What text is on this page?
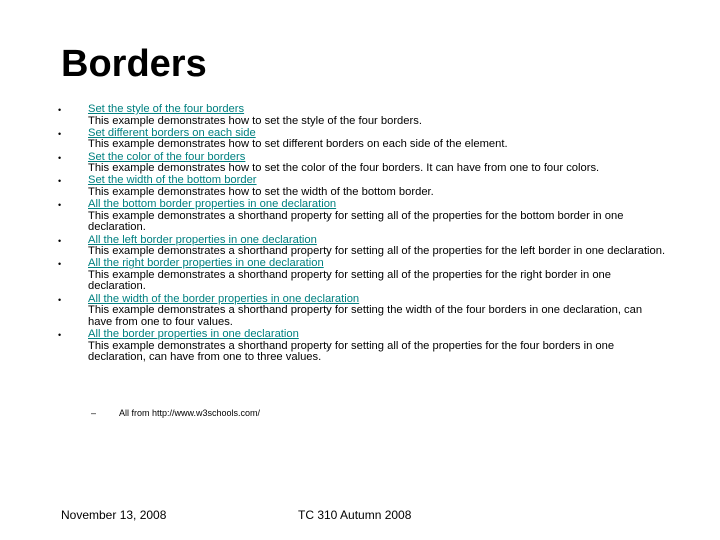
Borders
• Set the style of the four borders
This example demonstrates how to set the style of the four borders.
• Set different borders on each side
This example demonstrates how to set different borders on each side of the element.
• Set the color of the four borders
This example demonstrates how to set the color of the four borders. It can have from one to four colors.
• Set the width of the bottom border
This example demonstrates how to set the width of the bottom border.
• All the bottom border properties in one declaration
This example demonstrates a shorthand property for setting all of the properties for the bottom border in one declaration.
• All the left border properties in one declaration
This example demonstrates a shorthand property for setting all of the properties for the left border in one declaration.
• All the right border properties in one declaration
This example demonstrates a shorthand property for setting all of the properties for the right border in one declaration.
• All the width of the border properties in one declaration
This example demonstrates a shorthand property for setting the width of the four borders in one declaration, can have from one to four values.
• All the border properties in one declaration
This example demonstrates a shorthand property for setting all of the properties for the four borders in one declaration, can have from one to three values.
–	All from http://www.w3schools.com/
November 13, 2008	TC 310 Autumn 2008
